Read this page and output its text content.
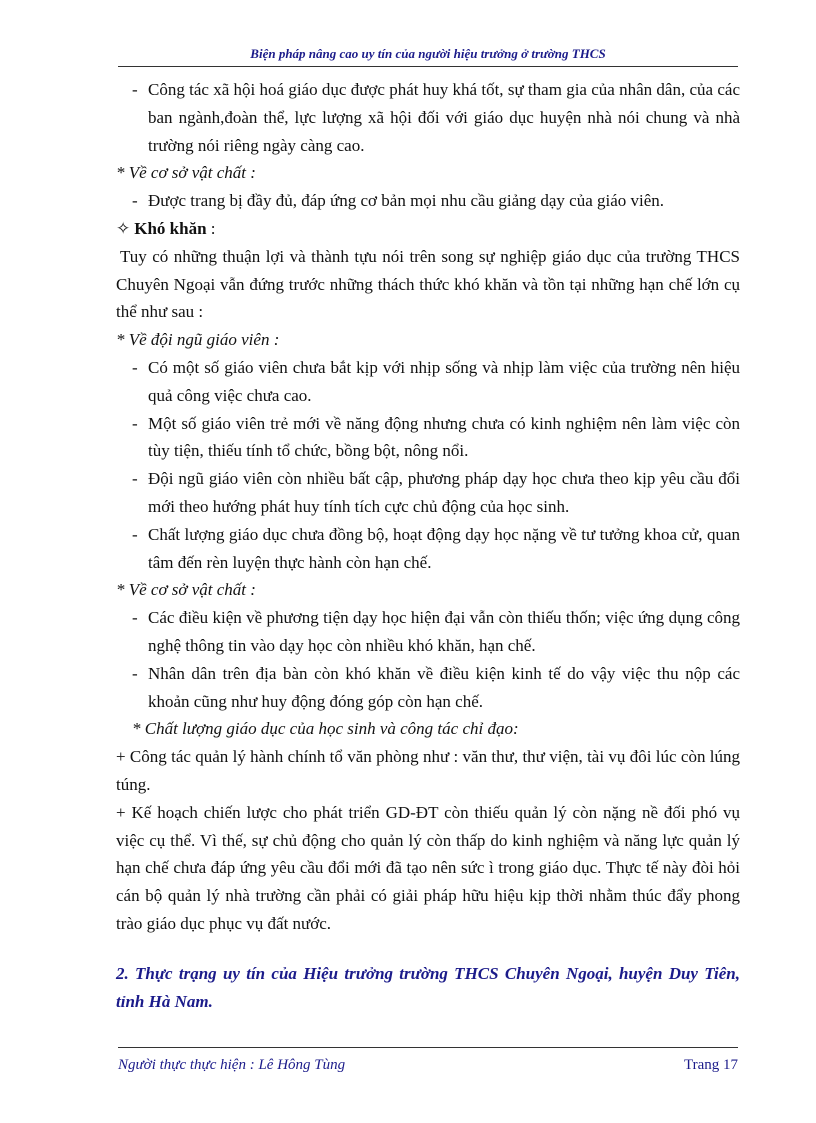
Biện pháp nâng cao uy tín của người hiệu trưởng ở trường THCS
- Công tác xã hội hoá giáo dục được phát huy khá tốt, sự tham gia của nhân dân, của các ban ngành,đoàn thể, lực lượng xã hội đối với giáo dục huyện nhà nói chung và nhà trường nói riêng ngày càng cao.
* Về cơ sở vật chất :
- Được trang bị đầy đủ, đáp ứng cơ bản mọi nhu cầu giảng dạy của giáo viên.
✧ Khó khăn :
Tuy có những thuận lợi và thành tựu nói trên song sự nghiệp giáo dục của trường THCS Chuyên Ngoại vẫn đứng trước những thách thức khó khăn và tồn tại những hạn chế lớn cụ thể như sau :
* Về đội ngũ giáo viên :
- Có một số giáo viên chưa bắt kịp với nhịp sống và nhịp làm việc của trường nên hiệu quả công việc chưa cao.
- Một số giáo viên trẻ mới về năng động nhưng chưa có kinh nghiệm nên làm việc còn tùy tiện, thiếu tính tổ chức, bồng bột, nông nổi.
- Đội ngũ giáo viên còn nhiều bất cập, phương pháp dạy học chưa theo kịp yêu cầu đổi mới theo hướng phát huy tính tích cực chủ động của học sinh.
- Chất lượng giáo dục chưa đồng bộ, hoạt động dạy học nặng về tư tưởng khoa cử, quan tâm đến rèn luyện thực hành còn hạn chế.
* Về cơ sở vật chất :
- Các điều kiện về phương tiện dạy học hiện đại vẫn còn thiếu thốn; việc ứng dụng công nghệ thông tin vào dạy học còn nhiều khó khăn, hạn chế.
- Nhân dân trên địa bàn còn khó khăn về điều kiện kinh tế do vậy việc thu nộp các khoản cũng như huy động đóng góp còn hạn chế.
* Chất lượng giáo dục của học sinh và công tác chỉ đạo:
+ Công tác quản lý hành chính tổ văn phòng như : văn thư, thư viện, tài vụ đôi lúc còn lúng túng.
+ Kế hoạch chiến lược cho phát triển GD-ĐT còn thiếu quản lý còn nặng nề đối phó vụ việc cụ thể. Vì thế, sự chủ động cho quản lý còn thấp do kinh nghiệm và năng lực quản lý hạn chế chưa đáp ứng yêu cầu đổi mới đã tạo nên sức ì trong giáo dục. Thực tế này đòi hỏi cán bộ quản lý nhà trường cần phải có giải pháp hữu hiệu kịp thời nhằm thúc đẩy phong trào giáo dục phục vụ đất nước.
2. Thực trạng uy tín của Hiệu trưởng trường THCS Chuyên Ngoại, huyện Duy Tiên, tỉnh Hà Nam.
Người thực thực hiện : Lê Hông Tùng	Trang 17
